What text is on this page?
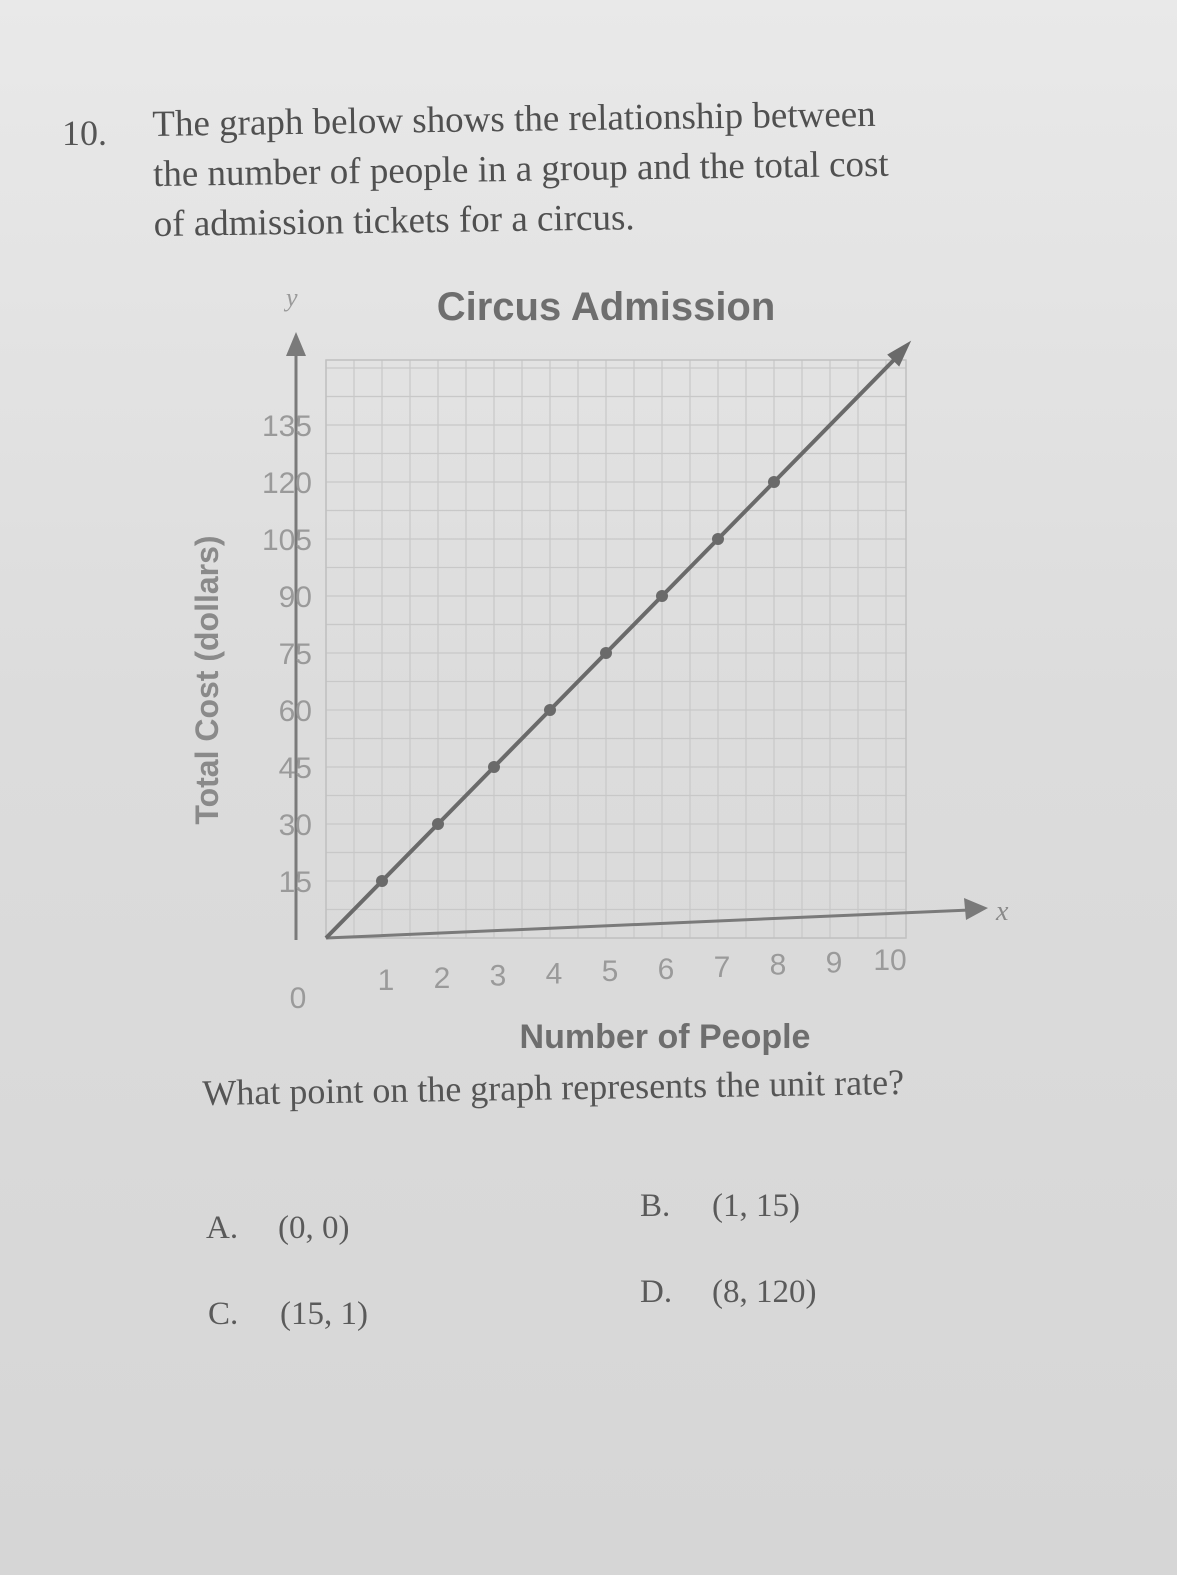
10. The graph below shows the relationship between
the number of people in a group and the total cost
of admission tickets for a circus.
15
30
45
60
75
90
105
120
135
1 2 3 4 5 6 7 8 9 10
0
Circus Admission
Number of People
Total Cost (dollars)
y
x
What point on the graph represents the unit rate?
A. (0, 0)
B. (1, 15)
C. (15, 1)
D. (8, 120)
